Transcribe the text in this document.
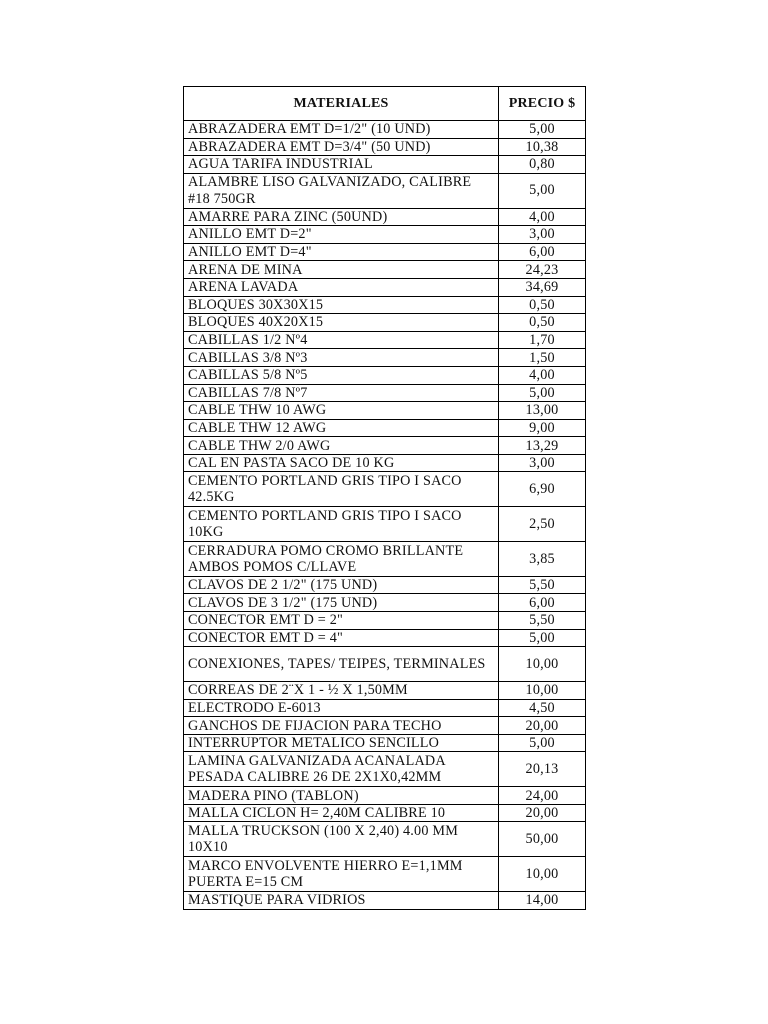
MATERIALES	PRECIO $
ABRAZADERA EMT D=1/2" (10 UND)	5,00
ABRAZADERA EMT D=3/4" (50 UND)	10,38
AGUA TARIFA INDUSTRIAL	0,80
ALAMBRE LISO GALVANIZADO, CALIBRE #18 750GR	5,00
AMARRE PARA ZINC (50UND)	4,00
ANILLO EMT D=2"	3,00
ANILLO EMT D=4"	6,00
ARENA DE MINA	24,23
ARENA LAVADA	34,69
BLOQUES 30X30X15	0,50
BLOQUES 40X20X15	0,50
CABILLAS 1/2 Nº4	1,70
CABILLAS 3/8 Nº3	1,50
CABILLAS 5/8 Nº5	4,00
CABILLAS 7/8 Nº7	5,00
CABLE THW 10 AWG	13,00
CABLE THW 12 AWG	9,00
CABLE THW 2/0 AWG	13,29
CAL EN PASTA SACO DE 10 KG	3,00
CEMENTO PORTLAND GRIS TIPO I SACO 42.5KG	6,90
CEMENTO PORTLAND GRIS TIPO I SACO 10KG	2,50
CERRADURA POMO CROMO BRILLANTE AMBOS POMOS C/LLAVE	3,85
CLAVOS DE 2 1/2" (175 UND)	5,50
CLAVOS DE 3 1/2" (175 UND)	6,00
CONECTOR EMT D = 2"	5,50
CONECTOR EMT D = 4"	5,00
CONEXIONES, TAPES/ TEIPES, TERMINALES	10,00
CORREAS DE 2¨X 1 - ½ X 1,50MM	10,00
ELECTRODO E-6013	4,50
GANCHOS DE FIJACION PARA TECHO	20,00
INTERRUPTOR METALICO SENCILLO	5,00
LAMINA GALVANIZADA ACANALADA PESADA CALIBRE 26 DE 2X1X0,42MM	20,13
MADERA PINO (TABLON)	24,00
MALLA CICLON H= 2,40M CALIBRE 10	20,00
MALLA TRUCKSON (100 X 2,40) 4.00 MM 10X10	50,00
MARCO ENVOLVENTE HIERRO E=1,1MM PUERTA E=15 CM	10,00
MASTIQUE PARA VIDRIOS	14,00
